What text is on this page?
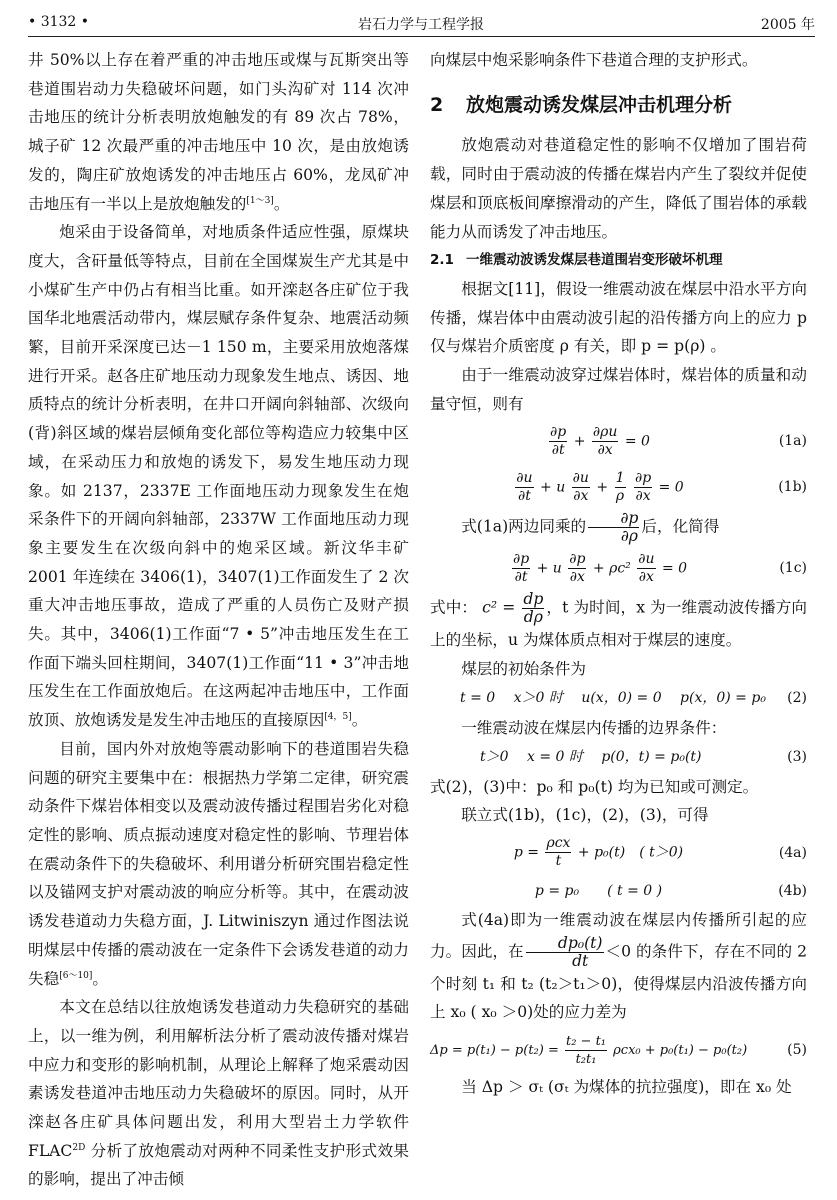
• 3132 •	岩石力学与工程学报	2005 年

井 50%以上存在着严重的冲击地压或煤与瓦斯突出等巷道围岩动力失稳破坏问题，如门头沟矿对 114 次冲击地压的统计分析表明放炮触发的有 89 次占 78%，城子矿 12 次最严重的冲击地压中 10 次，是由放炮诱发的，陶庄矿放炮诱发的冲击地压占 60%，龙凤矿冲击地压有一半以上是放炮触发的[1～3]。

炮采由于设备简单，对地质条件适应性强，原煤块度大，含矸量低等特点，目前在全国煤炭生产尤其是中小煤矿生产中仍占有相当比重。如开滦赵各庄矿位于我国华北地震活动带内，煤层赋存条件复杂、地震活动频繁，目前开采深度已达－1 150 m，主要采用放炮落煤进行开采。赵各庄矿地压动力现象发生地点、诱因、地质特点的统计分析表明，在井口开阔向斜轴部、次级向(背)斜区域的煤岩层倾角变化部位等构造应力较集中区域，在采动压力和放炮的诱发下，易发生地压动力现象。如 2137，2337E 工作面地压动力现象发生在炮采条件下的开阔向斜轴部，2337W 工作面地压动力现象主要发生在次级向斜中的炮采区域。新汶华丰矿 2001 年连续在 3406(1)，3407(1)工作面发生了 2 次重大冲击地压事故，造成了严重的人员伤亡及财产损失。其中，3406(1)工作面“7 • 5”冲击地压发生在工作面下端头回柱期间，3407(1)工作面“11 • 3”冲击地压发生在工作面放炮后。在这两起冲击地压中，工作面放顶、放炮诱发是发生冲击地压的直接原因[4，5]。

目前，国内外对放炮等震动影响下的巷道围岩失稳问题的研究主要集中在：根据热力学第二定律，研究震动条件下煤岩体相变以及震动波传播过程围岩劣化对稳定性的影响、质点振动速度对稳定性的影响、节理岩体在震动条件下的失稳破坏、利用谱分析研究围岩稳定性以及锚网支护对震动波的响应分析等。其中，在震动波诱发巷道动力失稳方面，J. Litwiniszyn 通过作图法说明煤层中传播的震动波在一定条件下会诱发巷道的动力失稳[6～10]。

本文在总结以往放炮诱发巷道动力失稳研究的基础上，以一维为例，利用解析法分析了震动波传播对煤岩中应力和变形的影响机制，从理论上解释了炮采震动因素诱发巷道冲击地压动力失稳破坏的原因。同时，从开滦赵各庄矿具体问题出发，利用大型岩土力学软件 $FLAC^{2D}$ 分析了放炮震动对两种不同柔性支护形式效果的影响，提出了冲击倾

向煤层中炮采影响条件下巷道合理的支护形式。

2 放炮震动诱发煤层冲击机理分析

放炮震动对巷道稳定性的影响不仅增加了围岩荷载，同时由于震动波的传播在煤岩内产生了裂纹并促使煤层和顶底板间摩擦滑动的产生，降低了围岩体的承载能力从而诱发了冲击地压。

2.1 一维震动波诱发煤层巷道围岩变形破坏机理

根据文[11]，假设一维震动波在煤层中沿水平方向传播，煤岩体中由震动波引起的沿传播方向上的应力 p 仅与煤岩介质密度 ρ 有关，即 p = p(ρ) 。

由于一维震动波穿过煤岩体时，煤岩体的质量和动量守恒，则有

$\frac{\partial p}{\partial t} + \frac{\partial\rho u}{\partial x} = 0$	(1a)
$\frac{\partial u}{\partial t} + u \frac{\partial u}{\partial x} + \frac{1}{\rho}$
$\frac{\partial p}{\partial x} = 0$	(1b)

式(1a)两边同乘的 $\frac{\partial p}{\partial\rho}$ 后，化简得

$\frac{\partial p}{\partial t} + u \frac{\partial p}{\partial x} + \rho c^2 \frac{\partial u}{\partial x} = 0$	(1c)

式中： $c^2 = \frac{dp}{d\rho}$ ，t 为时间，x 为一维震动波传播方向上的坐标，u 为煤体质点相对于煤层的速度。

煤层的初始条件为

t = 0　 x＞0 时　 u(x，0) = 0　 p(x，0) = p₀	(2)

一维震动波在煤层内传播的边界条件：

t＞0　 x = 0 时　 p(0，t) = p₀(t)	(3)

式(2)，(3)中：p₀ 和 p₀(t) 均为已知或可测定。

联立式(1b)，(1c)，(2)，(3)，可得

p =
ρcx
t
+ p₀(t)　( t＞0)	(4a)
p = p₀　　( t = 0 )	(4b)

式(4a)即为一维震动波在煤层内传播所引起的应力。因此，在 $\frac{\text{dp₀(t)}}{dt} <0$ 的条件下，存在不同的 2 个时刻 t₁ 和 t₂ (t₂＞t₁＞0)，使得煤层内沿波传播方向上 x₀ ( x₀ ＞0)处的应力差为

$\Delta p = p(t_1) - p(t_2) = \frac{\text{t₂ − t₁}}{\text{t₂t₁}} \rho cx_0 + p_0(t_1) - p_0(t_2)$	(5)

当 Δp ＞ σₜ (σₜ 为煤体的抗拉强度)，即在 x₀ 处
